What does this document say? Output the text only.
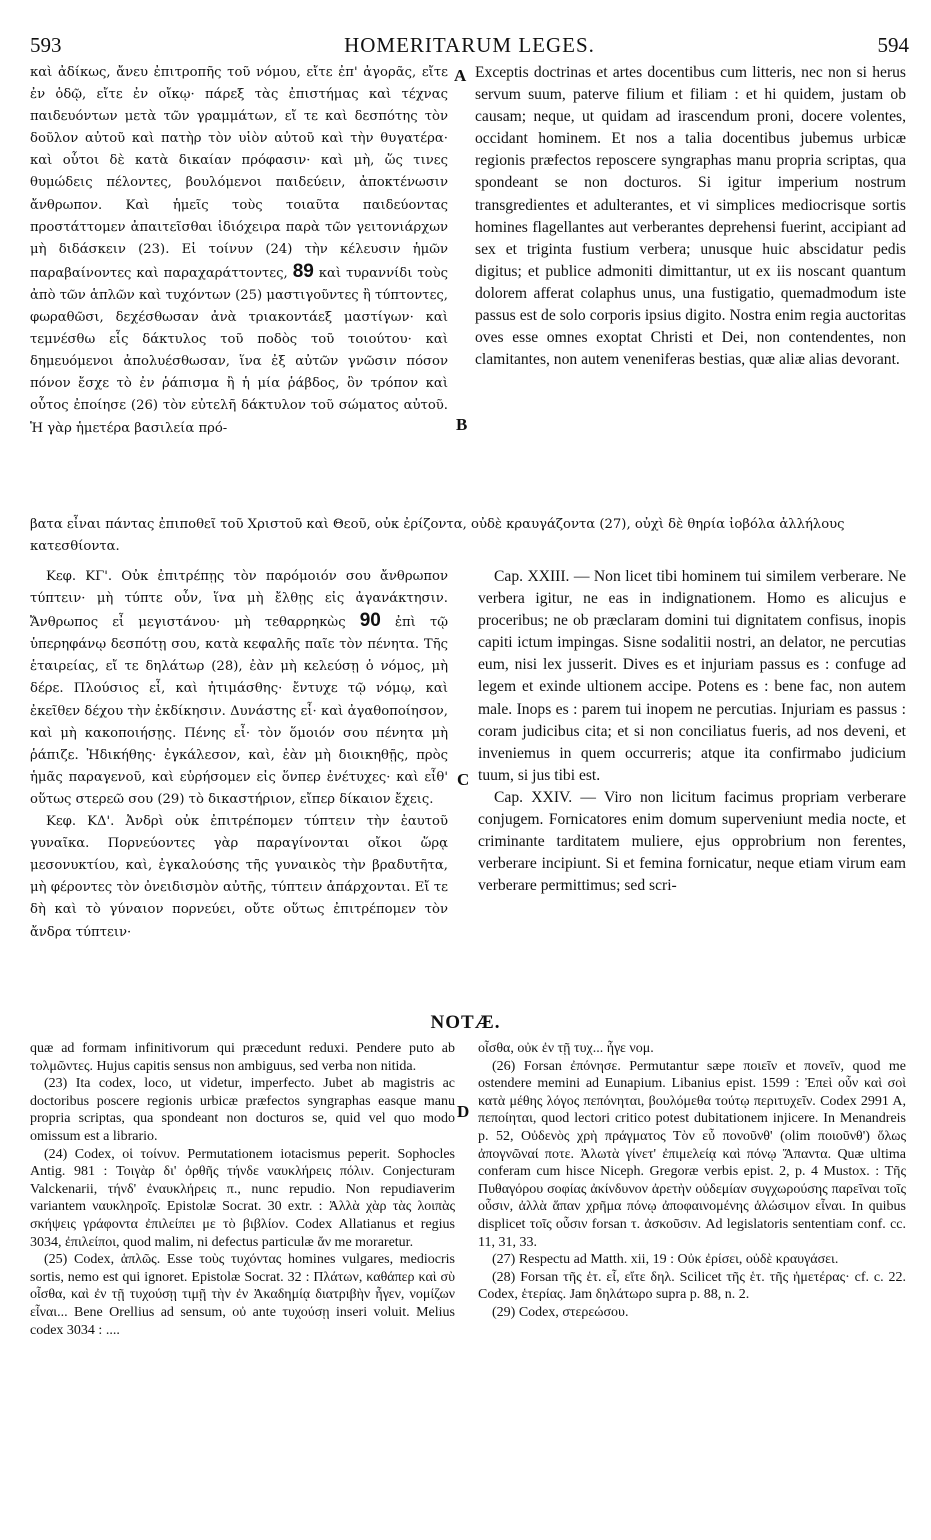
593	HOMERITARUM LEGES.	594

καὶ ἀδίκως, ἄνευ ἐπιτροπῆς τοῦ νόμου, εἴτε ἐπ' ἀγορᾶς, εἴτε ἐν ὁδῷ, εἴτε ἐν οἴκῳ· πάρεξ τὰς ἐπιστήμας καὶ τέχνας παιδευόντων μετὰ τῶν γραμμάτων, εἴ τε καὶ δεσπότης τὸν δοῦλον αὐτοῦ καὶ πατὴρ τὸν υἱὸν αὐτοῦ καὶ τὴν θυγατέρα· καὶ οὗτοι δὲ κατὰ δικαίαν πρόφασιν· καὶ μὴ, ὥς τινες θυμώδεις πέλοντες, βουλόμενοι παιδεύειν, ἀποκτένωσιν ἄνθρωπον. Καὶ ἡμεῖς τοὺς τοιαῦτα παιδεύοντας προστάττομεν ἀπαιτεῖσθαι ἰδιόχειρα παρὰ τῶν γειτονιάρχων μὴ διδάσκειν (23). Εἰ τοίνυν (24) τὴν κέλευσιν ἡμῶν παραβαίνοντες καὶ παραχαράττοντες, 89 καὶ τυραννίδι τοὺς ἀπὸ τῶν ἁπλῶν καὶ τυχόντων (25) μαστιγοῦντες ἢ τύπτοντες, φωραθῶσι, δεχέσθωσαν ἀνὰ τριακοντάεξ μαστίγων· καὶ τεμνέσθω εἷς δάκτυλος τοῦ ποδὸς τοῦ τοιούτου· καὶ δημευόμενοι ἀπολυέσθωσαν, ἵνα ἐξ αὐτῶν γνῶσιν πόσον πόνον ἔσχε τὸ ἐν ῥάπισμα ἢ ἡ μία ῥάβδος, ὃν τρόπον καὶ οὗτος ἐποίησε (26) τὸν εὐτελῆ δάκτυλον τοῦ σώματος αὐτοῦ. Ἡ γὰρ ἡμετέρα βασιλεία πρό-

A
B
C
D

Exceptis doctrinas et artes docentibus cum litteris, nec non si herus servum suum, paterve filium et filiam : et hi quidem, justam ob causam; neque, ut quidam ad irascendum proni, docere volentes, occidant hominem. Et nos a talia docentibus jubemus urbicæ regionis præfectos reposcere syngraphas manu propria scriptas, qua spondeant se non docturos. Si igitur imperium nostrum transgredientes et adulterantes, et vi simplices mediocrisque sortis homines flagellantes aut verberantes deprehensi fuerint, accipiant ad sex et triginta fustium verbera; unusque huic abscidatur pedis digitus; et publice admoniti dimittantur, ut ex iis noscant quantum dolorem afferat colaphus unus, una fustigatio, quemadmodum iste passus est de solo corporis ipsius digito. Nostra enim regia auctoritas oves esse omnes exoptat Christi et Dei, non contendentes, non clamitantes, non autem veneniferas bestias, quæ aliæ alias devorant.

βατα εἶναι πάντας ἐπιποθεῖ τοῦ Χριστοῦ καὶ Θεοῦ, οὐκ ἐρίζοντα, οὐδὲ κραυγάζοντα (27), οὐχὶ δὲ θηρία ἰοβόλα ἀλλήλους κατεσθίοντα.

Κεφ. ΚΓ'. Οὐκ ἐπιτρέπῃς τὸν παρόμοιόν σου ἄνθρωπον τύπτειν· μὴ τύπτε οὖν, ἵνα μὴ ἔλθῃς εἰς ἀγανάκτησιν. Ἄνθρωπος εἶ μεγιστάνου· μὴ τεθαρρηκὼς 90 ἐπὶ τῷ ὑπερηφάνῳ δεσπότῃ σου, κατὰ κεφαλῆς παῖε τὸν πένητα. Τῆς ἑταιρείας, εἴ τε δηλάτωρ (28), ἐὰν μὴ κελεύσῃ ὁ νόμος, μὴ δέρε. Πλούσιος εἶ, καὶ ἠτιμάσθης· ἔντυχε τῷ νόμῳ, καὶ ἐκεῖθεν δέχου τὴν ἐκδίκησιν. Δυνάστης εἶ· καὶ ἀγαθοποίησον, καὶ μὴ κακοποιήσῃς. Πένης εἶ· τὸν ὅμοιόν σου πένητα μὴ ῥάπιζε. Ἠδικήθης· ἐγκάλεσον, καὶ, ἐὰν μὴ διοικηθῇς, πρὸς ἡμᾶς παραγενοῦ, καὶ εὑρήσομεν εἰς ὅνπερ ἐνέτυχες· καὶ εἶθ' οὕτως στερεῶ σου (29) τὸ δικαστήριον, εἴπερ δίκαιον ἔχεις.

Κεφ. ΚΔ'. Ἀνδρὶ οὐκ ἐπιτρέπομεν τύπτειν τὴν ἑαυτοῦ γυναῖκα. Πορνεύοντες γὰρ παραγίνονται οἴκοι ὥρᾳ μεσονυκτίου, καὶ, ἐγκαλούσης τῆς γυναικὸς τὴν βραδυτῆτα, μὴ φέροντες τὸν ὀνειδισμὸν αὐτῆς, τύπτειν ἀπάρχονται. Εἴ τε δὴ καὶ τὸ γύναιον πορνεύει, οὔτε οὕτως ἐπιτρέπομεν τὸν ἄνδρα τύπτειν·

Cap. XXIII. — Non licet tibi hominem tui similem verberare. Ne verbera igitur, ne eas in indignationem. Homo es alicujus e proceribus; ne ob præclaram domini tui dignitatem confisus, inopis capiti ictum impingas. Sisne sodalitii nostri, an delator, ne percutias eum, nisi lex jusserit. Dives es et injuriam passus es : confuge ad legem et exinde ultionem accipe. Potens es : bene fac, non autem male. Inops es : parem tui inopem ne percutias. Injuriam es passus : coram judicibus cita; et si non conciliatus fueris, ad nos deveni, et inveniemus in quem occurreris; atque ita confirmabo judicium tuum, si jus tibi est.

Cap. XXIV. — Viro non licitum facimus propriam verberare conjugem. Fornicatores enim domum superveniunt media nocte, et criminante tarditatem muliere, ejus opprobrium non ferentes, verberare incipiunt. Si et femina fornicatur, neque etiam virum eam verberare permittimus; sed scri-

NOTÆ.

quæ ad formam infinitivorum qui præcedunt reduxi. Pendere puto ab τολμῶντες. Hujus capitis sensus non ambiguus, sed verba non nitida.

(23) Ita codex, loco, ut videtur, imperfecto. Jubet ab magistris ac doctoribus poscere regionis urbicæ præfectos syngraphas easque manu propria scriptas, qua spondeant non docturos se, quid vel quo modo omissum est a librario.

(24) Codex, οἱ τοίνυν. Permutationem iotacismus peperit. Sophocles Antig. 981 : Τοιγὰρ δι' ὀρθῆς τήνδε ναυκλήρεις πόλιν. Conjecturam Valckenarii, τήνδ' ἐναυκλήρεις π., nunc repudio. Non repudiaverim variantem ναυκληροῖς. Epistolæ Socrat. 30 extr. : Ἀλλὰ χὰρ τὰς λοιπὰς σκήψεις γράφοντα ἐπιλείπει με τὸ βιβλίον. Codex Allatianus et regius 3034, ἐπιλείποι, quod malim, ni defectus particulæ ἄν me moraretur.

(25) Codex, ἁπλῶς. Esse τοὺς τυχόντας homines vulgares, mediocris sortis, nemo est qui ignoret. Epistolæ Socrat. 32 : Πλάτων, καθάπερ καὶ σὺ οἶσθα, καὶ ἐν τῇ τυχούσῃ τιμῇ τὴν ἐν Ἀκαδημίᾳ διατριβὴν ἦγεν, νομίζων εἶναι... Bene Orellius ad sensum, οὐ ante τυχούσῃ inseri voluit. Melius codex 3034 : ....

οἶσθα, οὐκ ἐν τῇ τυχ... ἦγε νομ.

(26) Forsan ἐπόνησε. Permutantur sæpe ποιεῖν et πονεῖν, quod me ostendere memini ad Eunapium. Libanius epist. 1599 : Ἐπεὶ οὖν καὶ σοὶ κατὰ μέθης λόγος πεπόνηται, βουλόμεθα τούτῳ περιτυχεῖν. Codex 2991 A, πεποίηται, quod lectori critico potest dubitationem injicere. In Menandreis p. 52, Οὐδενὸς χρὴ πράγματος Τὸν εὖ πονοῦνθ' (olim ποιοῦνθ') ὅλως ἀπογνῶναί ποτε. Ἀλωτὰ γίνετ' ἐπιμελείᾳ καὶ πόνῳ Ἅπαντα. Quæ ultima conferam cum hisce Niceph. Gregoræ verbis epist. 2, p. 4 Mustox. : Τῆς Πυθαγόρου σοφίας ἀκίνδυνον ἀρετὴν οὐδεμίαν συγχωρούσης παρεῖναι τοῖς οὖσιν, ἀλλὰ ἅπαν χρῆμα πόνῳ ἀποφαινομένης ἁλώσιμον εἶναι. In quibus displicet τοῖς οὖσιν forsan τ. ἀσκοῦσιν. Ad legislatoris sententiam conf. cc. 11, 31, 33.

(27) Respectu ad Matth. xii, 19 : Οὐκ ἐρίσει, οὐδὲ κραυγάσει.

(28) Forsan τῆς ἑτ. εἶ, εἴτε δηλ. Scilicet τῆς ἑτ. τῆς ἡμετέρας· cf. c. 22. Codex, ἑτερίας. Jam δηλάτωρο supra p. 88, n. 2.

(29) Codex, στερεώσου.
